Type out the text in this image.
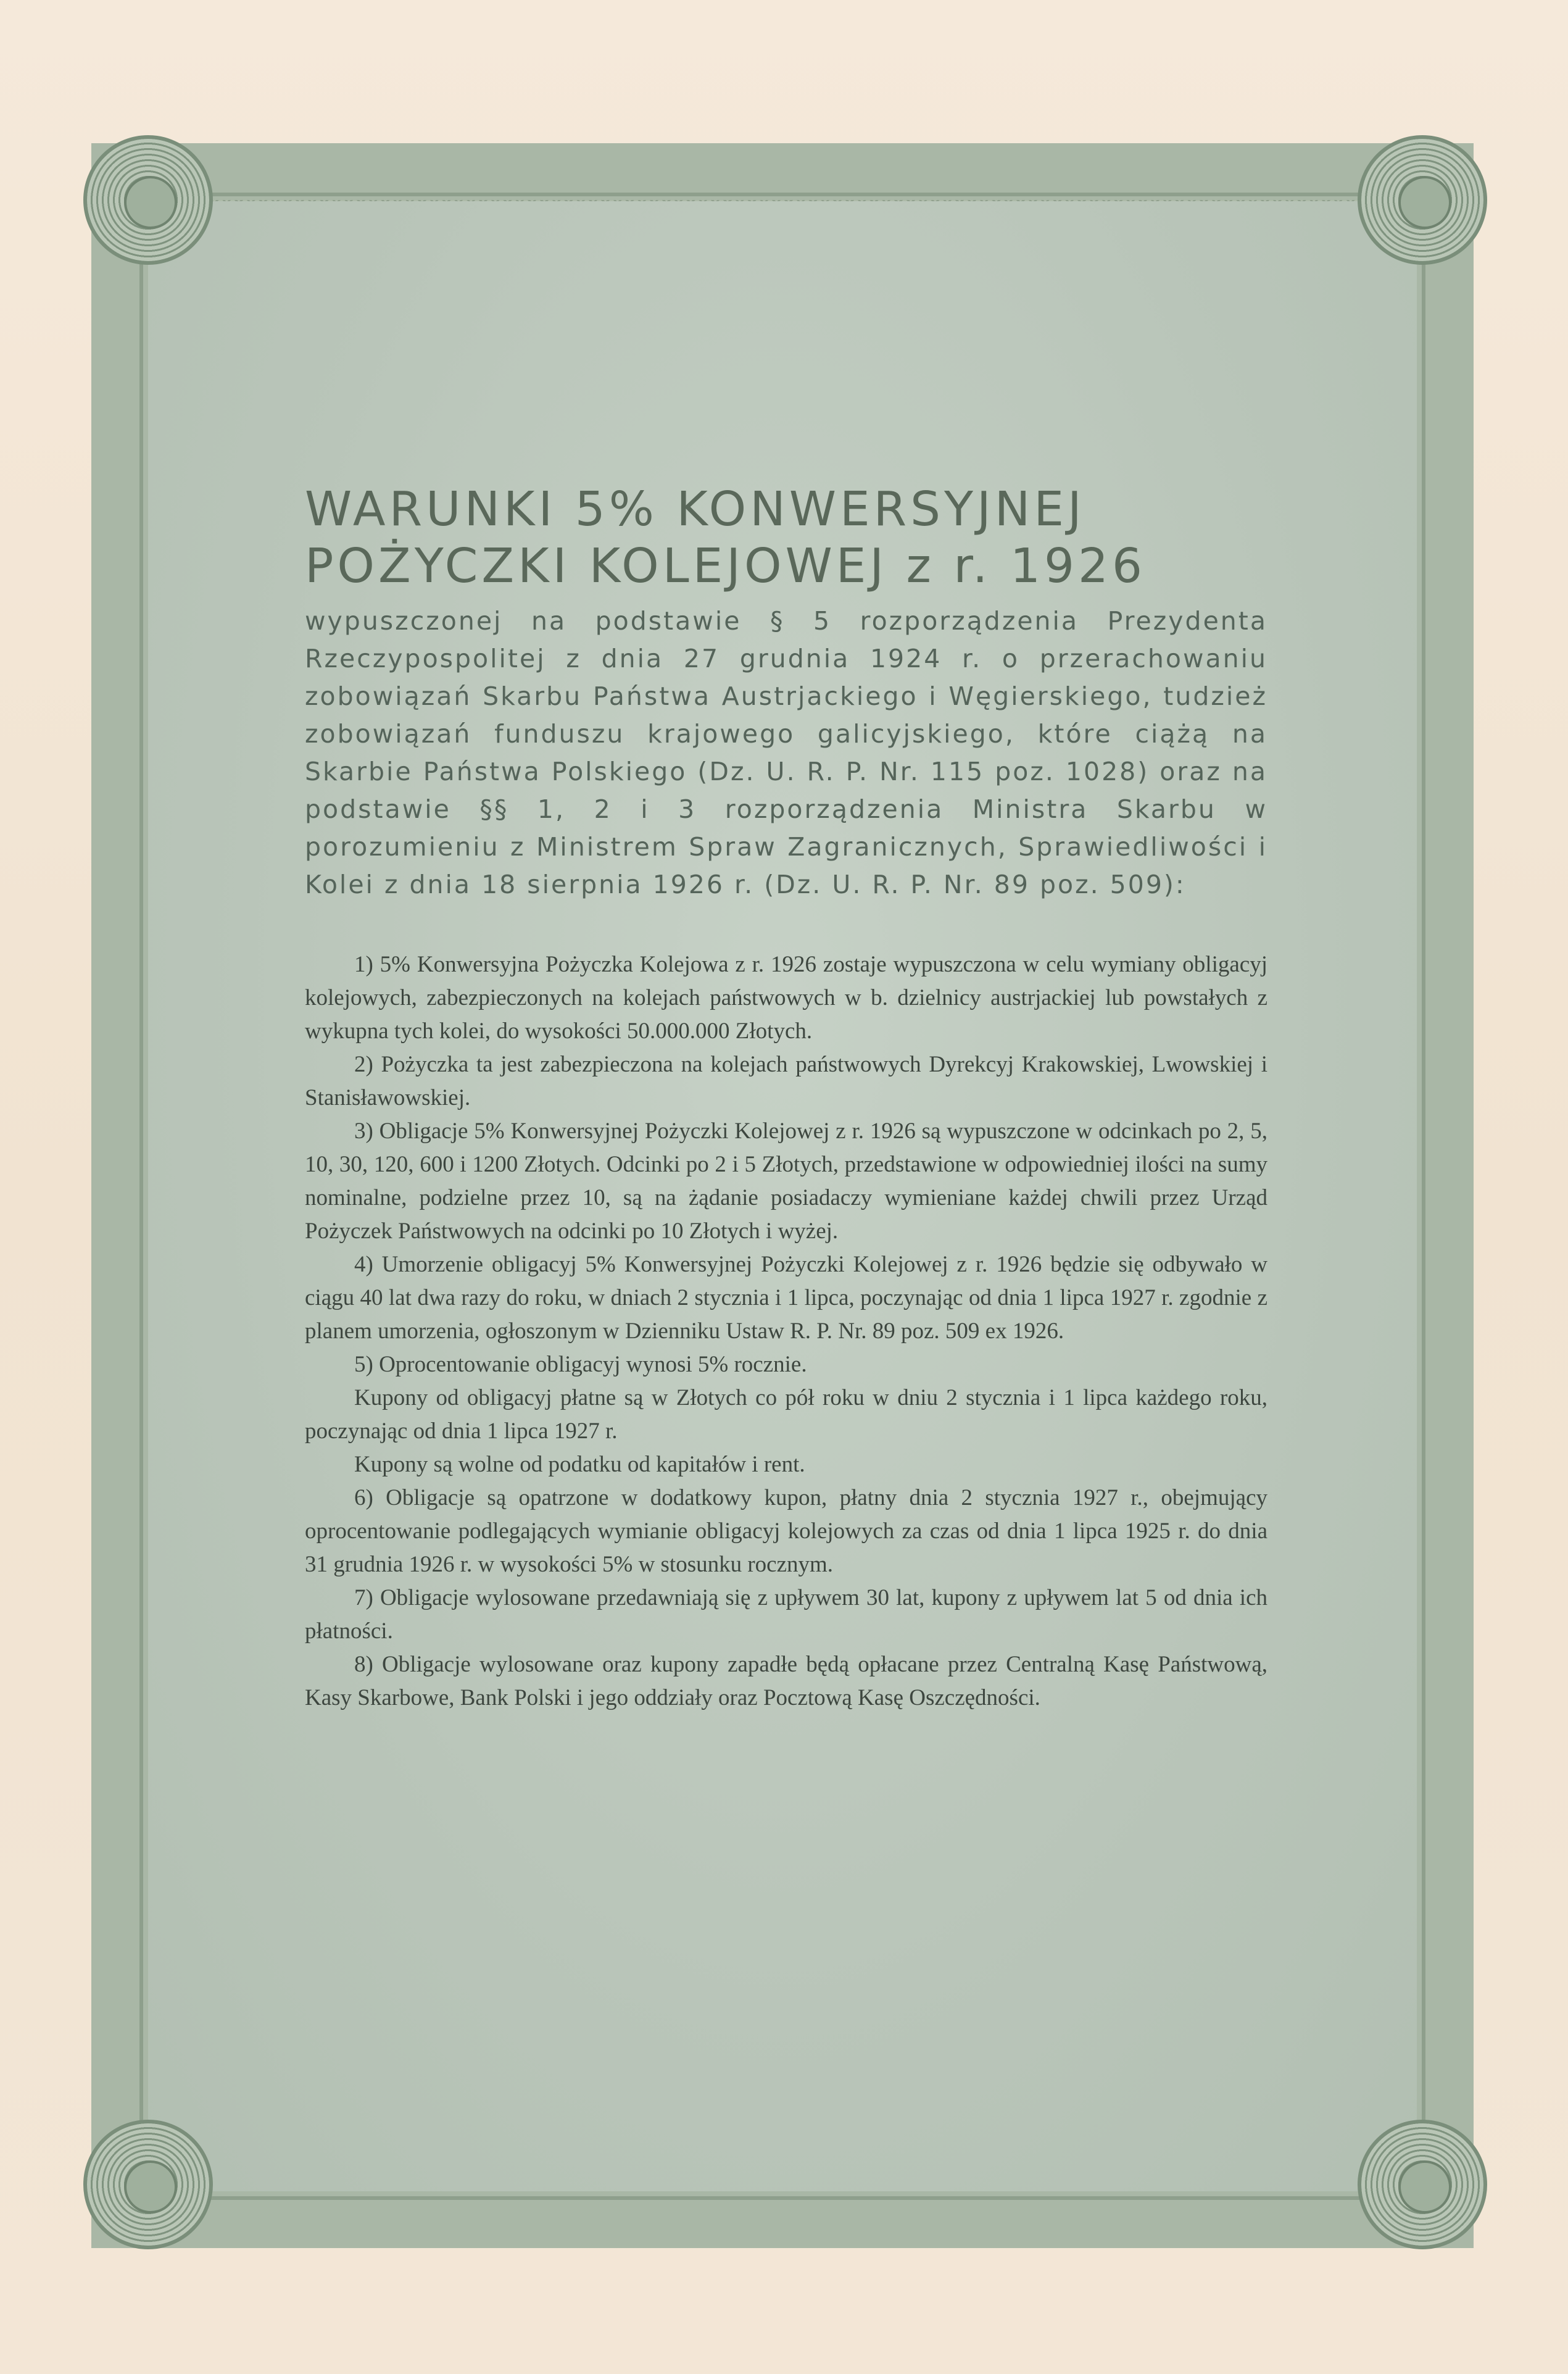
WARUNKI 5% KONWERSYJNEJ
POŻYCZKI KOLEJOWEJ z r. 1926

wypuszczonej na podstawie § 5 rozporządzenia Prezydenta Rzeczypospolitej z dnia 27 grudnia 1924 r. o przerachowaniu zobowiązań Skarbu Państwa Austrjackiego i Węgierskiego, tudzież zobowiązań funduszu krajowego galicyjskiego, które ciążą na Skarbie Państwa Polskiego (Dz. U. R. P. Nr. 115 poz. 1028) oraz na podstawie §§ 1, 2 i 3 rozporządzenia Ministra Skarbu w porozumieniu z Ministrem Spraw Zagranicznych, Sprawiedliwości i Kolei z dnia 18 sierpnia 1926 r. (Dz. U. R. P. Nr. 89 poz. 509):

1) 5% Konwersyjna Pożyczka Kolejowa z r. 1926 zostaje wypuszczona w celu wymiany obligacyj kolejowych, zabezpieczonych na kolejach państwowych w b. dzielnicy austrjackiej lub powstałych z wykupna tych kolei, do wysokości 50.000.000 Złotych.

2) Pożyczka ta jest zabezpieczona na kolejach państwowych Dyrekcyj Krakowskiej, Lwowskiej i Stanisławowskiej.

3) Obligacje 5% Konwersyjnej Pożyczki Kolejowej z r. 1926 są wypuszczone w odcinkach po 2, 5, 10, 30, 120, 600 i 1200 Złotych. Odcinki po 2 i 5 Złotych, przedstawione w odpowiedniej ilości na sumy nominalne, podzielne przez 10, są na żądanie posiadaczy wymieniane każdej chwili przez Urząd Pożyczek Państwowych na odcinki po 10 Złotych i wyżej.

4) Umorzenie obligacyj 5% Konwersyjnej Pożyczki Kolejowej z r. 1926 będzie się odbywało w ciągu 40 lat dwa razy do roku, w dniach 2 stycznia i 1 lipca, poczynając od dnia 1 lipca 1927 r. zgodnie z planem umorzenia, ogłoszonym w Dzienniku Ustaw R. P. Nr. 89 poz. 509 ex 1926.

5) Oprocentowanie obligacyj wynosi 5% rocznie.

Kupony od obligacyj płatne są w Złotych co pół roku w dniu 2 stycznia i 1 lipca każdego roku, poczynając od dnia 1 lipca 1927 r.

Kupony są wolne od podatku od kapitałów i rent.

6) Obligacje są opatrzone w dodatkowy kupon, płatny dnia 2 stycznia 1927 r., obejmujący oprocentowanie podlegających wymianie obligacyj kolejowych za czas od dnia 1 lipca 1925 r. do dnia 31 grudnia 1926 r. w wysokości 5% w stosunku rocznym.

7) Obligacje wylosowane przedawniają się z upływem 30 lat, kupony z upływem lat 5 od dnia ich płatności.

8) Obligacje wylosowane oraz kupony zapadłe będą opłacane przez Centralną Kasę Państwową, Kasy Skarbowe, Bank Polski i jego oddziały oraz Pocztową Kasę Oszczędności.
